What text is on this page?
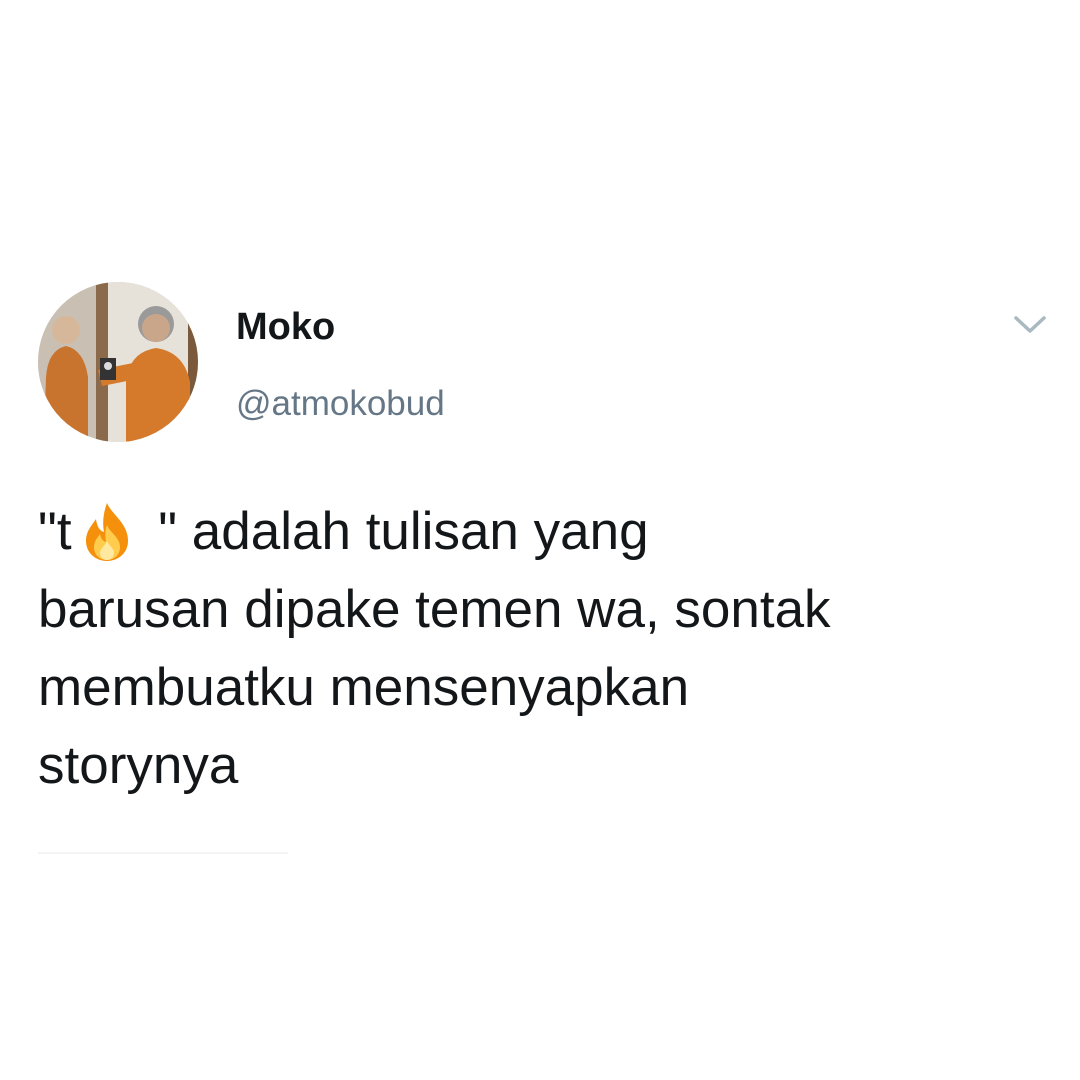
Moko
@atmokobud

"t
" adalah tulisan yang
barusan dipake temen wa, sontak
membuatku mensenyapkan
storynya
